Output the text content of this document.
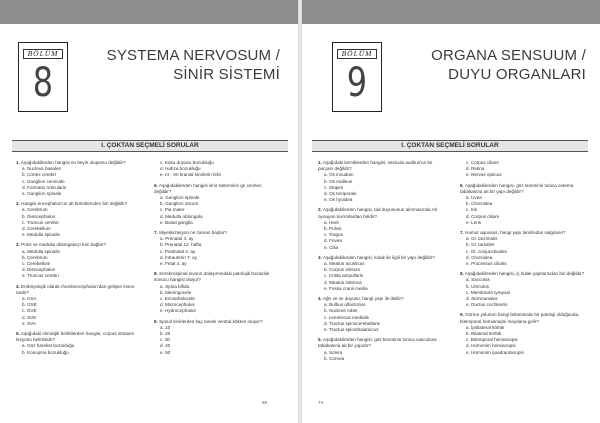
BÖLÜM
8
SYSTEMA NERVOSUM /
SİNİR SİSTEMİ
I. ÇOKTAN SEÇMELİ SORULAR
1. Aşağıdakilerden hangisi ön beyin oluşumu değildir?
a. Nucleus basales
b. Cortex cerebri
c. Ganglion cervicale
d. Formatio reticularis
e. Ganglion spinale
2. Hangisi encephalon'un alt birimlerinden biri değildir?
a. Cerebrum
b. Diencephalon
c. Truncus cerebri
d. Cerebellum
e. Medulla spinalis
3. Pons ve medulla oblongata'yı kim bağlar?
a. Medulla spinalis
b. Cerebrum
c. Cerebellum
d. Diencephalon
e. Truncus cerebri
4. Embriyolojik olarak rhombencephalon'dan gelişen kısım nedir?
a. CSA
b. GSE
c. GVE
d. SVE
e. SVA
5. Aşağıdaki nörolojik belirtilerden hangisi, corpus striatum lezyonu belirtisidir?
a. Göz hareket bozukluğu
b. Konuşma bozukluğu
c. Koku duyusu bozukluğu
d. Hafıza bozukluğu
e. III - XII kranial sinirlerin felci
6. Aşağıdakilerden hangisi sinir sisteminin gri cevheri değildir?
a. Ganglion spinale
b. Ganglion oticum
c. Pia mater
d. Medulla oblongata
e. Basal ganglia
7. Miyelinizasyon ne zaman başlar?
a. Prenatal 4. ay
b. Prenatal 12. hafta
c. Postnatal 4. ay
d. İntrauterin 7. ay
e. Fetal 4. ay
8. Serebrospinal sıvının dolaşımındaki patolojik bozukluk sonucu hangisi oluşur?
a. Spina bifida
b. Meningocele
c. Encephalocele
d. Microcephalus
e. Hydrocephalus
9. Spinal sinirlerden kaç tanesi ventral kökten oluşur?
a. 10
b. 20
c. 30
d. 40
e. 50
69
BÖLÜM
9
ORGANA SENSUUM /
DUYU ORGANLARI
I. ÇOKTAN SEÇMELİ SORULAR
1. Aşağıdaki kemiklerden hangisi, ossicula auditus'un bir parçası değildir?
a. Os incudum
b. Os malleus
c. Stapes
d. Os temporale
e. Os hyoidea
2. Aşağıdakilerden hangisi, tad duyusunun alınmasında rol oynayan kıvrımlardan biridir?
a. Heel
b. Pulvis
c. Tragus
d. Fovea
e. Cilia
3. Aşağıdakilerden hangisi, kulak ile ilgili bir yapı değildir?
a. Meatus acusticus
b. Corpus vitreum
c. Crista ampullaris
d. Meatus internus
e. Fossa cranii media
4. Ağrı ve ısı duyusu, hangi yapı ile iletilir?
a. Bulbus olfactorius
b. Nucleus ruber
c. Lemniscus medialis
d. Tractus spinocerebellaris
e. Tractus spinothalamicus
5. Aşağıdakilerden hangisi, göz küresinin tunica vasculosa tabakasına ait bir yapıdır?
a. Sclera
b. Cornea
c. Corpus ciliare
d. Retina
e. Nervus opticus
6. Aşağıdakilerden hangisi, göz küresinin tunica externa tabakasına ait bir yapı değildir?
a. Uvea
b. Choroidea
c. Iris
d. Corpus ciliare
e. Lens
7. Humor aquosus, hangi yapı tarafından salgılanır?
a. Gl. lacrimalis
b. Gl. tarsales
c. Gl. conjunctivales
d. Choroidea
e. Processus ciliaris
8. Aşağıdakilerden hangisi, iç kulak yapılarından biri değildir?
a. Sacculus
b. Utriculus
c. Membrana tympani
d. Semicanales
e. Ductus cochlearis
9. Görme yolunun hangi bölümünde bir patoloji olduğunda, bitemporal hemianopsi meydana gelir?
a. İpsilateral körlük
b. Bilateral körlük
c. Bitemporal hemianopsi
d. Homonim hemianopsi
e. Homonim quadrantanopsi
74
